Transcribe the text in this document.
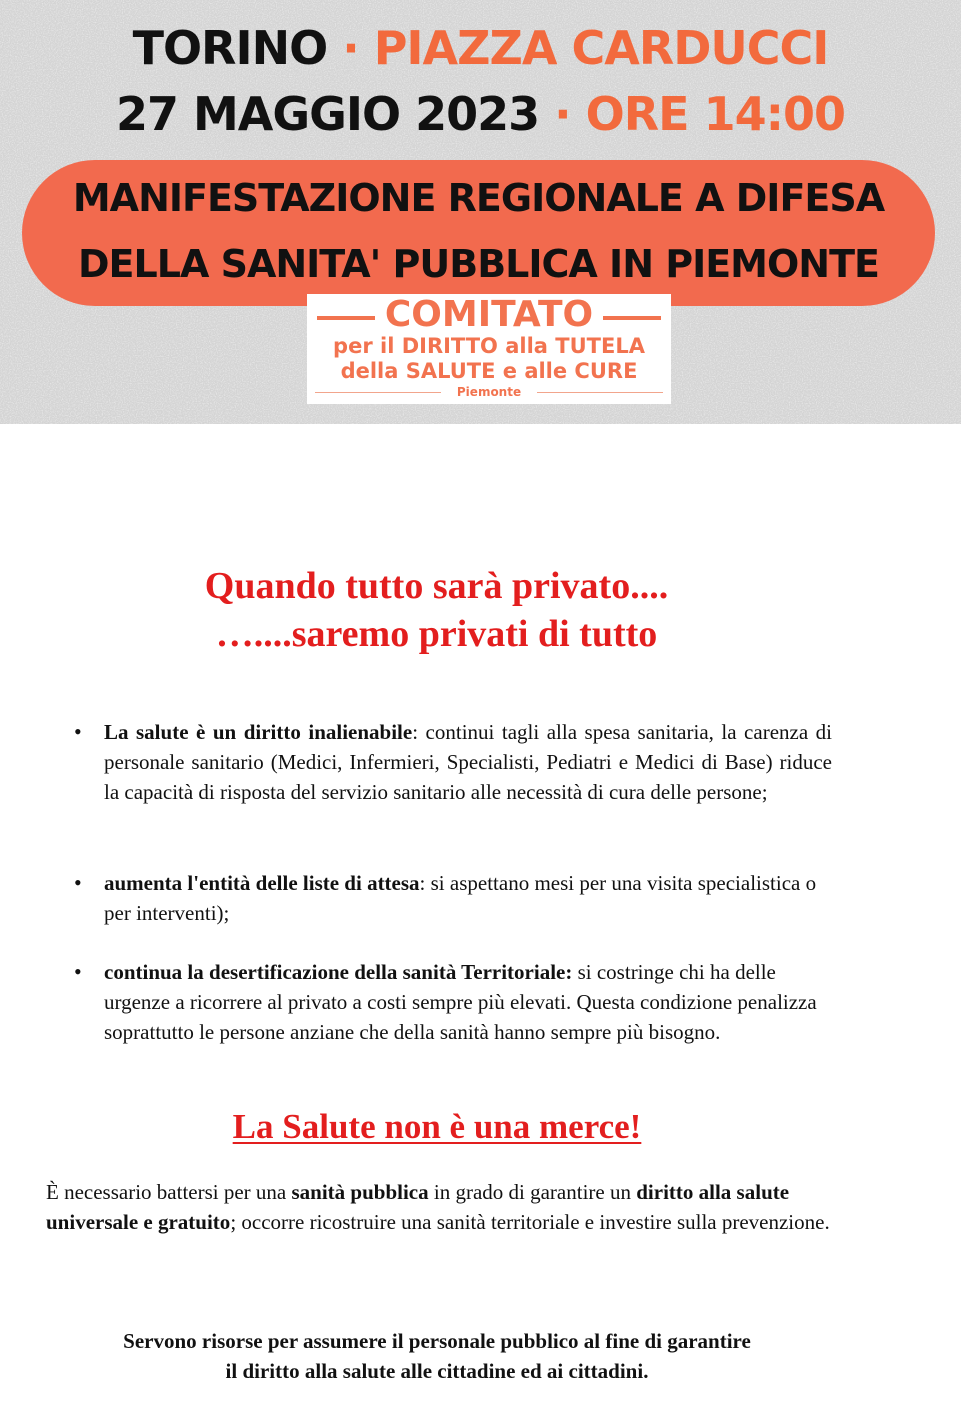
TORINO · PIAZZA CARDUCCI
27 MAGGIO 2023 · ORE 14:00
MANIFESTAZIONE REGIONALE A DIFESA
DELLA SANITA' PUBBLICA IN PIEMONTE
COMITATO
per il DIRITTO alla TUTELA
della SALUTE e alle CURE
Piemonte
Quando tutto sarà privato....
…....saremo privati di tutto
• La salute è un diritto inalienabile: continui tagli alla spesa sanitaria, la carenza di personale sanitario (Medici, Infermieri, Specialisti, Pediatri e Medici di Base) riduce la capacità di risposta del servizio sanitario alle necessità di cura delle persone;
• aumenta l'entità delle liste di attesa: si aspettano mesi per una visita specialistica o per interventi);
• continua la desertificazione della sanità Territoriale: si costringe chi ha delle urgenze a ricorrere al privato a costi sempre più elevati. Questa condizione penalizza soprattutto le persone anziane che della sanità hanno sempre più bisogno.
La Salute non è una merce!
È necessario battersi per una sanità pubblica in grado di garantire un diritto alla salute universale e gratuito; occorre ricostruire una sanità territoriale e investire sulla prevenzione.
Servono risorse per assumere il personale pubblico al fine di garantire
il diritto alla salute alle cittadine ed ai cittadini.
